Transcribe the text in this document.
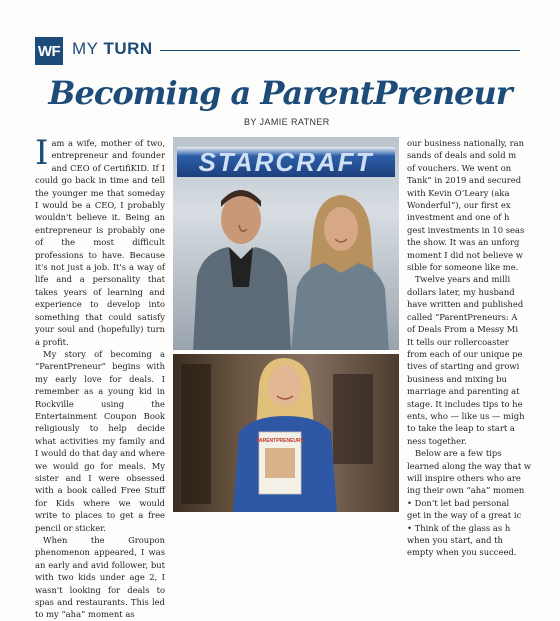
WF MY TURN
Becoming a ParentPreneur
BY JAMIE RATNER

I am a wife, mother of two, entrepreneur and founder and CEO of CertifiKID. If I could go back in time and tell the younger me that someday I would be a CEO, I probably wouldn't believe it. Being an entrepreneur is probably one of the most difficult professions to have. Because it's not just a job. It's a way of life and a personality that takes years of learning and experience to develop into something that could satisfy your soul and (hopefully) turn a profit.

My story of becoming a “ParentPreneur” begins with my early love for deals. I remember as a young kid in Rockville using the Entertainment Coupon Book religiously to help decide what activities my family and I would do that day and where we would go for meals. My sister and I were obsessed with a book called Free Stuff for Kids where we would write to places to get a free pencil or sticker.

When the Groupon phenomenon appeared, I was an early and avid follower, but with two kids under age 2, I wasn't looking for deals to spas and restaurants. This led to my “aha” moment as

STARCRAFT
PARENTPRENEURS

our business nationally, ran

sands of deals and sold m

of vouchers. We went on

Tank” in 2019 and secured

with Kevin O’Leary (aka

Wonderful”), our first ex

investment and one of h

gest investments in 10 seas

the show. It was an unforg

moment I did not believe w

sible for someone like me.

Twelve years and milli

dollars later, my husband

have written and published

called “ParentPreneurs: A

of Deals From a Messy Mi

It tells our rollercoaster

from each of our unique pe

tives of starting and growi

business and mixing bu

marriage and parenting at

stage. It includes tips to he

ents, who — like us — migh

to take the leap to start a

ness together.

Below are a few tips

learned along the way that w

will inspire others who are

ing their own “aha” momen

• Don’t let bad personal

get in the way of a great ic

• Think of the glass as h

when you start, and th

empty when you succeed.
